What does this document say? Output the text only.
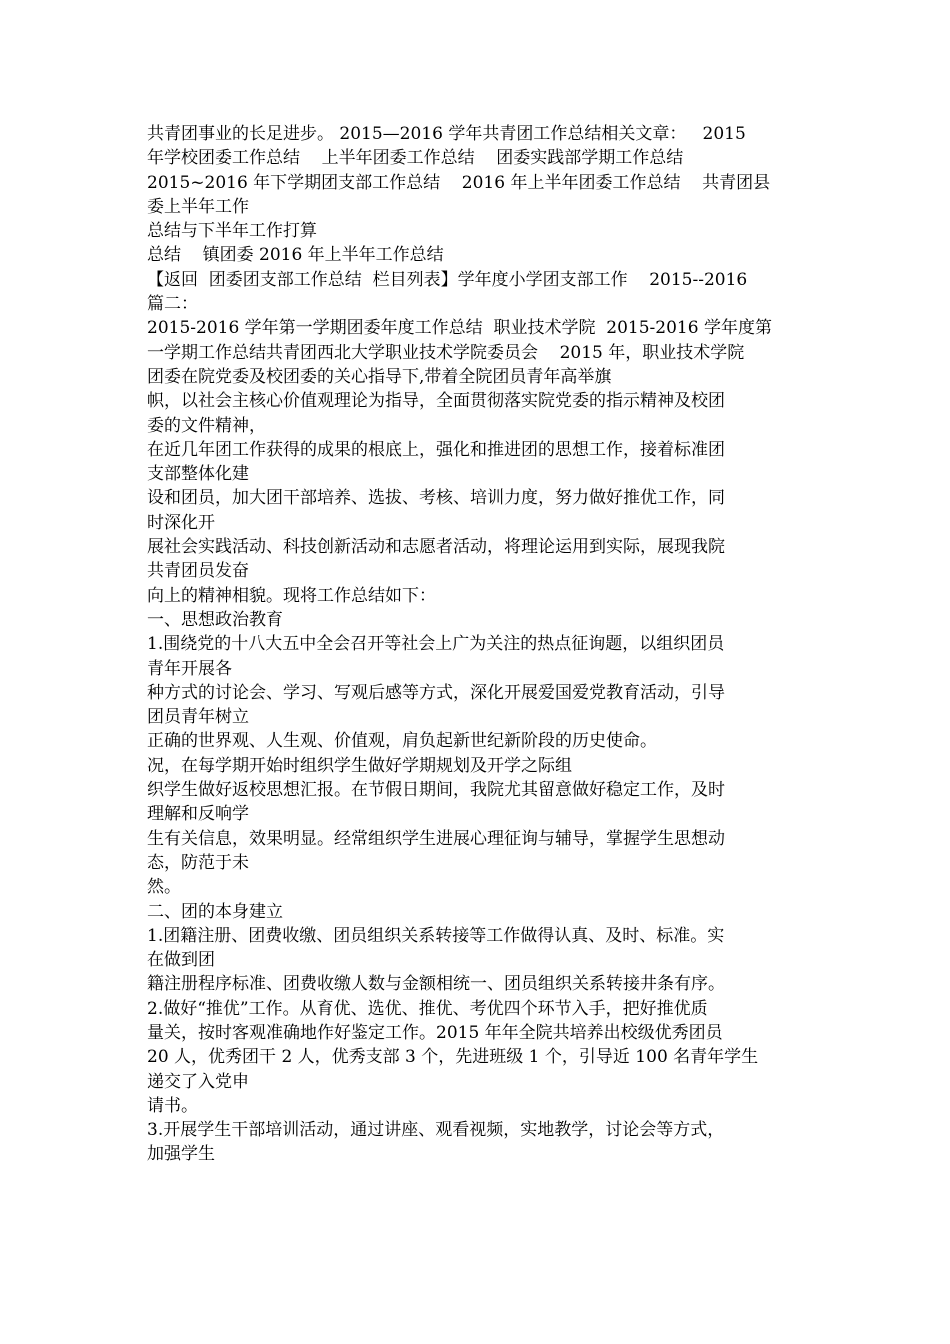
共青团事业的长足进步。 2015—2016 学年共青团工作总结相关文章：   2015
年学校团委工作总结    上半年团委工作总结    团委实践部学期工作总结
2015~2016 年下学期团支部工作总结    2016 年上半年团委工作总结    共青团县
委上半年工作
总结与下半年工作打算
总结    镇团委 2016 年上半年工作总结
【返回  团委团支部工作总结  栏目列表】学年度小学团支部工作    2015--2016
篇二：
2015-2016 学年第一学期团委年度工作总结  职业技术学院  2015-2016 学年度第
一学期工作总结共青团西北大学职业技术学院委员会    2015 年，职业技术学院
团委在院党委及校团委的关心指导下,带着全院团员青年高举旗
帜，以社会主核心价值观理论为指导，全面贯彻落实院党委的指示精神及校团
委的文件精神，
在近几年团工作获得的成果的根底上，强化和推进团的思想工作，接着标准团
支部整体化建
设和团员，加大团干部培养、选拔、考核、培训力度，努力做好推优工作，同
时深化开
展社会实践活动、科技创新活动和志愿者活动，将理论运用到实际，展现我院
共青团员发奋
向上的精神相貌。现将工作总结如下：
一、思想政治教育
1.围绕党的十八大五中全会召开等社会上广为关注的热点征询题，以组织团员
青年开展各
种方式的讨论会、学习、写观后感等方式，深化开展爱国爱党教育活动，引导
团员青年树立
正确的世界观、人生观、价值观，肩负起新世纪新阶段的历史使命。
况，在每学期开始时组织学生做好学期规划及开学之际组
织学生做好返校思想汇报。在节假日期间，我院尤其留意做好稳定工作，及时
理解和反响学
生有关信息，效果明显。经常组织学生进展心理征询与辅导，掌握学生思想动
态，防范于未
然。
二、团的本身建立
1.团籍注册、团费收缴、团员组织关系转接等工作做得认真、及时、标准。实
在做到团
籍注册程序标准、团费收缴人数与金额相统一、团员组织关系转接井条有序。
2.做好“推优”工作。从育优、选优、推优、考优四个环节入手，把好推优质
量关，按时客观准确地作好鉴定工作。2015 年年全院共培养出校级优秀团员
20 人，优秀团干 2 人，优秀支部 3 个，先进班级 1 个，引导近 100 名青年学生
递交了入党申
请书。
3.开展学生干部培训活动，通过讲座、观看视频，实地教学，讨论会等方式，
加强学生
